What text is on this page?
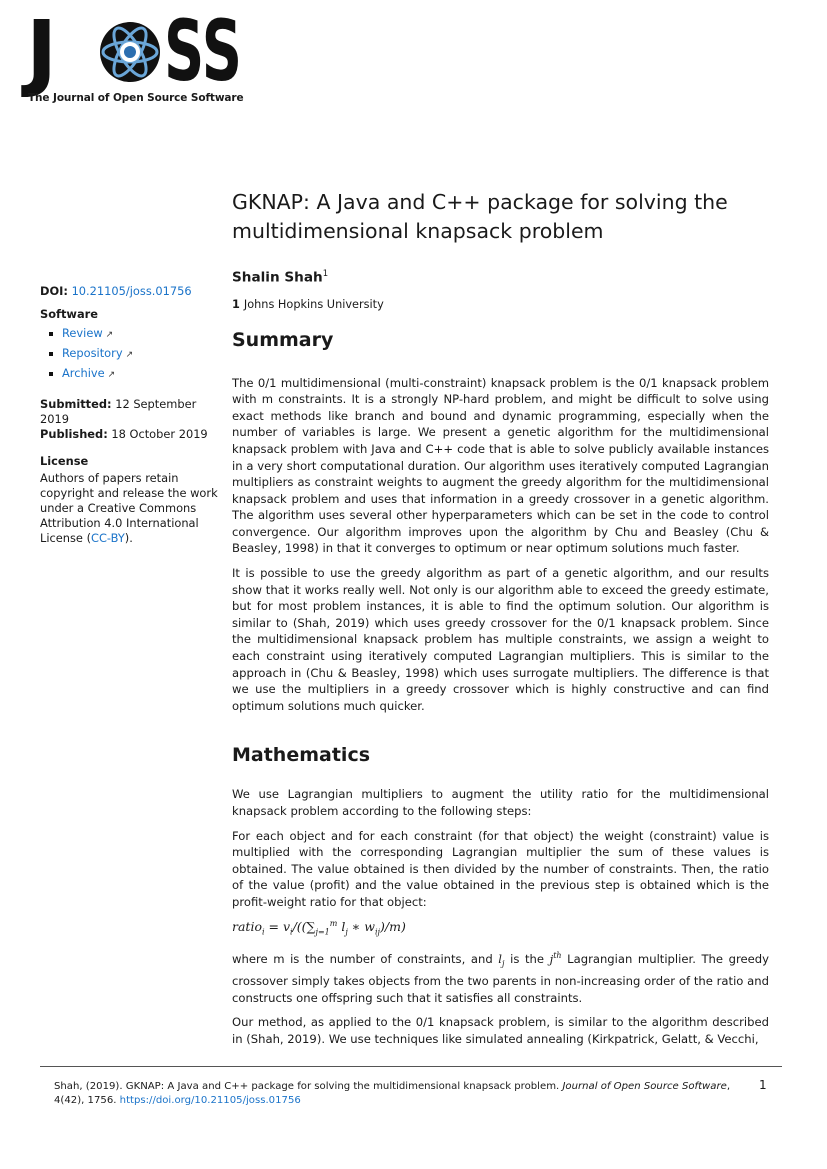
J SS
The Journal of Open Source Software
DOI: 10.21105/joss.01756
Software
Review ↗
Repository ↗
Archive ↗
Submitted: 12 September 2019
Published: 18 October 2019
License
Authors of papers retain copyright and release the work under a Creative Commons Attribution 4.0 International License (CC-BY).
GKNAP: A Java and C++ package for solving the multidimensional knapsack problem
Shalin Shah$^1$
1 Johns Hopkins University
Summary

The 0/1 multidimensional (multi-constraint) knapsack problem is the 0/1 knapsack problem with m constraints. It is a strongly NP-hard problem, and might be difficult to solve using exact methods like branch and bound and dynamic programming, especially when the number of variables is large. We present a genetic algorithm for the multidimensional knapsack problem with Java and C++ code that is able to solve publicly available instances in a very short computational duration. Our algorithm uses iteratively computed Lagrangian multipliers as constraint weights to augment the greedy algorithm for the multidimensional knapsack problem and uses that information in a greedy crossover in a genetic algorithm. The algorithm uses several other hyperparameters which can be set in the code to control convergence. Our algorithm improves upon the algorithm by Chu and Beasley (Chu & Beasley, 1998) in that it converges to optimum or near optimum solutions much faster.

It is possible to use the greedy algorithm as part of a genetic algorithm, and our results show that it works really well. Not only is our algorithm able to exceed the greedy estimate, but for most problem instances, it is able to find the optimum solution. Our algorithm is similar to (Shah, 2019) which uses greedy crossover for the 0/1 knapsack problem. Since the multidimensional knapsack problem has multiple constraints, we assign a weight to each constraint using iteratively computed Lagrangian multipliers. This is similar to the approach in (Chu & Beasley, 1998) which uses surrogate multipliers. The difference is that we use the multipliers in a greedy crossover which is highly constructive and can find optimum solutions much quicker.

Mathematics

We use Lagrangian multipliers to augment the utility ratio for the multidimensional knapsack problem according to the following steps:

For each object and for each constraint (for that object) the weight (constraint) value is multiplied with the corresponding Lagrangian multiplier the sum of these values is obtained. The value obtained is then divided by the number of constraints. Then, the ratio of the value (profit) and the value obtained in the previous step is obtained which is the profit-weight ratio for that object:

ratio$_i$ = $v_i/((\sum_{j=1}^m$ $l_j$ ∗ $w_{ij})/m$)

where m is the number of constraints, and $l_j$ is the $j^{th}$ Lagrangian multiplier. The greedy crossover simply takes objects from the two parents in non-increasing order of the ratio and constructs one offspring such that it satisfies all constraints.

Our method, as applied to the 0/1 knapsack problem, is similar to the algorithm described in (Shah, 2019). We use techniques like simulated annealing (Kirkpatrick, Gelatt, & Vecchi,

Shah, (2019). GKNAP: A Java and C++ package for solving the multidimensional knapsack problem. Journal of Open Source Software, 4(42), 1756. https://doi.org/10.21105/joss.01756
1
